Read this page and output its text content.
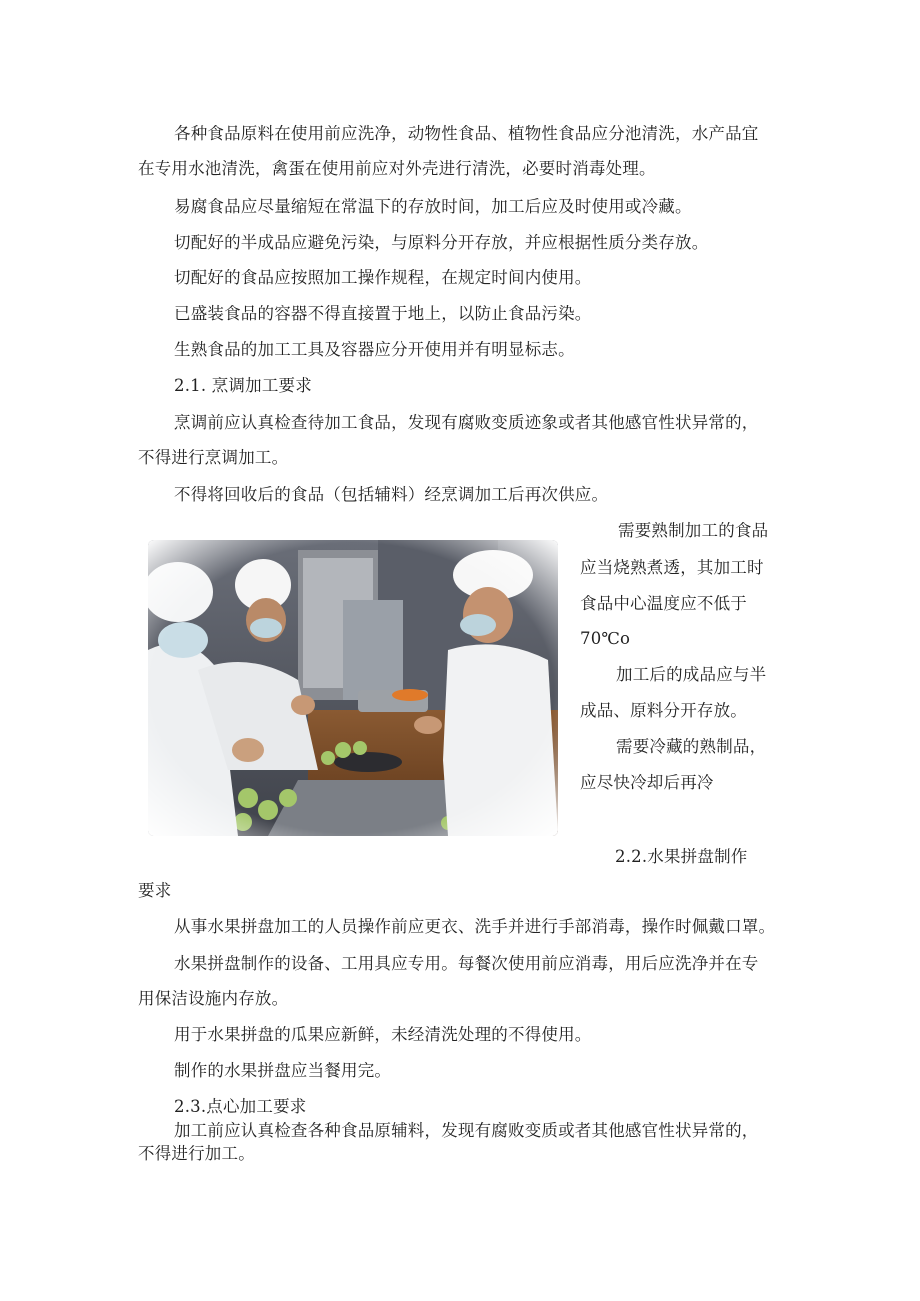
各种食品原料在使用前应洗净，动物性食品、植物性食品应分池清洗，水产品宜
在专用水池清洗，禽蛋在使用前应对外壳进行清洗，必要时消毒处理。
易腐食品应尽量缩短在常温下的存放时间，加工后应及时使用或冷藏。
切配好的半成品应避免污染，与原料分开存放，并应根据性质分类存放。
切配好的食品应按照加工操作规程，在规定时间内使用。
已盛装食品的容器不得直接置于地上，以防止食品污染。
生熟食品的加工工具及容器应分开使用并有明显标志。
2.1. 烹调加工要求
烹调前应认真检查待加工食品，发现有腐败变质迹象或者其他感官性状异常的，
不得进行烹调加工。
不得将回收后的食品（包括辅料）经烹调加工后再次供应。
需要熟制加工的食品
应当烧熟煮透，其加工时
食品中心温度应不低于
70℃o
加工后的成品应与半
成品、原料分开存放。
需要冷藏的熟制品，
应尽快冷却后再冷
2.2.水果拼盘制作
要求
从事水果拼盘加工的人员操作前应更衣、洗手并进行手部消毒，操作时佩戴口罩。
水果拼盘制作的设备、工用具应专用。每餐次使用前应消毒，用后应洗净并在专
用保洁设施内存放。
用于水果拼盘的瓜果应新鲜，未经清洗处理的不得使用。
制作的水果拼盘应当餐用完。
2.3.点心加工要求
加工前应认真检查各种食品原辅料，发现有腐败变质或者其他感官性状异常的，
不得进行加工。
